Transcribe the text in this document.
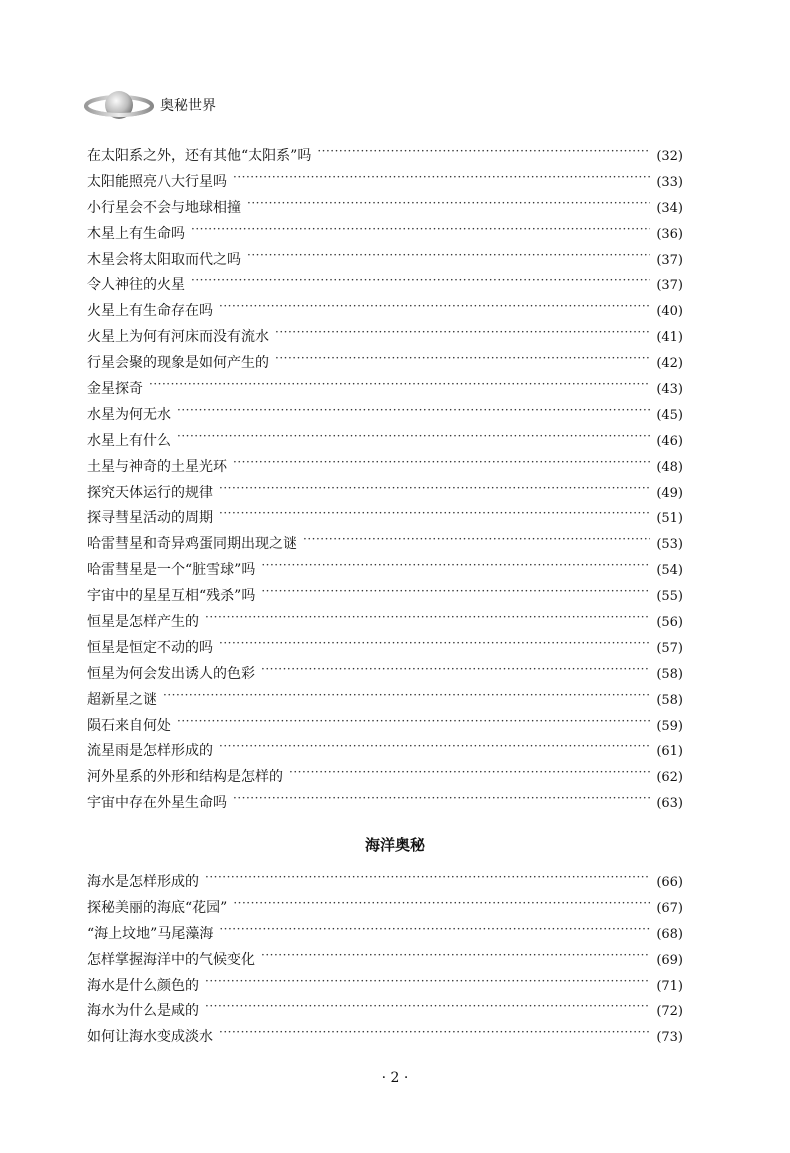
奥秘世界
在太阳系之外，还有其他“太阳系”吗 ·····	(32)
太阳能照亮八大行星吗 ·····	(33)
小行星会不会与地球相撞 ·····	(34)
木星上有生命吗 ·····	(36)
木星会将太阳取而代之吗 ·····	(37)
令人神往的火星 ·····	(37)
火星上有生命存在吗 ·····	(40)
火星上为何有河床而没有流水 ·····	(41)
行星会聚的现象是如何产生的 ·····	(42)
金星探奇 ·····	(43)
水星为何无水 ·····	(45)
水星上有什么 ·····	(46)
土星与神奇的土星光环 ·····	(48)
探究天体运行的规律 ·····	(49)
探寻彗星活动的周期 ·····	(51)
哈雷彗星和奇异鸡蛋同期出现之谜 ·····	(53)
哈雷彗星是一个“脏雪球”吗 ·····	(54)
宇宙中的星星互相“残杀”吗 ·····	(55)
恒星是怎样产生的 ·····	(56)
恒星是恒定不动的吗 ·····	(57)
恒星为何会发出诱人的色彩 ·····	(58)
超新星之谜 ·····	(58)
陨石来自何处 ·····	(59)
流星雨是怎样形成的 ·····	(61)
河外星系的外形和结构是怎样的 ·····	(62)
宇宙中存在外星生命吗 ·····	(63)
海洋奥秘
海水是怎样形成的 ·····	(66)
探秘美丽的海底“花园” ·····	(67)
“海上坟地”马尾藻海 ·····	(68)
怎样掌握海洋中的气候变化 ·····	(69)
海水是什么颜色的 ·····	(71)
海水为什么是咸的 ·····	(72)
如何让海水变成淡水 ·····	(73)
· 2 ·
